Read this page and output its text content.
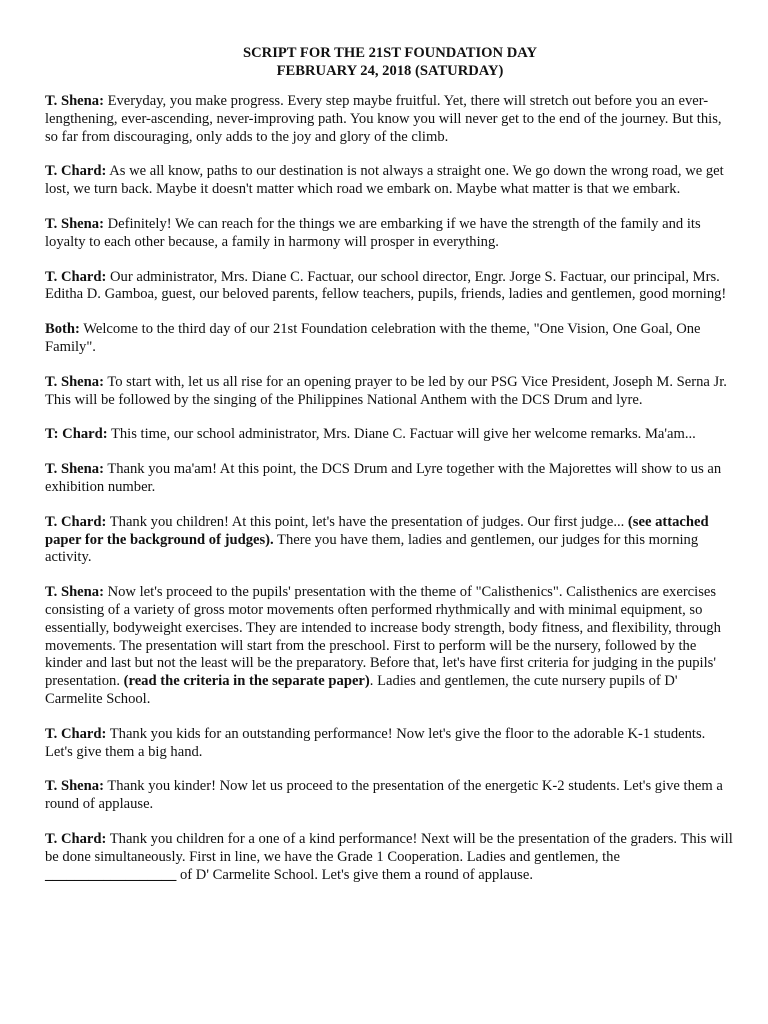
SCRIPT FOR THE 21ST FOUNDATION DAY

FEBRUARY 24, 2018 (SATURDAY)

T. Shena: Everyday, you make progress. Every step maybe fruitful. Yet, there will stretch out before you an ever-lengthening, ever-ascending, never-improving path. You know you will never get to the end of the journey. But this, so far from discouraging, only adds to the joy and glory of the climb.

T. Chard: As we all know, paths to our destination is not always a straight one. We go down the wrong road, we get lost, we turn back. Maybe it doesn't matter which road we embark on. Maybe what matter is that we embark.

T. Shena: Definitely! We can reach for the things we are embarking if we have the strength of the family and its loyalty to each other because, a family in harmony will prosper in everything.

T. Chard: Our administrator, Mrs. Diane C. Factuar, our school director, Engr. Jorge S. Factuar, our principal, Mrs. Editha D. Gamboa, guest, our beloved parents, fellow teachers, pupils, friends, ladies and gentlemen, good morning!

Both: Welcome to the third day of our 21st Foundation celebration with the theme, "One Vision, One Goal, One Family".

T. Shena: To start with, let us all rise for an opening prayer to be led by our PSG Vice President, Joseph M. Serna Jr. This will be followed by the singing of the Philippines National Anthem with the DCS Drum and lyre.

T: Chard: This time, our school administrator, Mrs. Diane C. Factuar will give her welcome remarks. Ma'am...

T. Shena: Thank you ma'am! At this point, the DCS Drum and Lyre together with the Majorettes will show to us an exhibition number.

T. Chard: Thank you children! At this point, let's have the presentation of judges. Our first judge... (see attached paper for the background of judges). There you have them, ladies and gentlemen, our judges for this morning activity.

T. Shena: Now let's proceed to the pupils' presentation with the theme of "Calisthenics". Calisthenics are exercises consisting of a variety of gross motor movements often performed rhythmically and with minimal equipment, so essentially, bodyweight exercises. They are intended to increase body strength, body fitness, and flexibility, through movements. The presentation will start from the preschool. First to perform will be the nursery, followed by the kinder and last but not the least will be the preparatory. Before that, let's have first criteria for judging in the pupils' presentation. (read the criteria in the separate paper). Ladies and gentlemen, the cute nursery pupils of D' Carmelite School.

T. Chard: Thank you kids for an outstanding performance! Now let's give the floor to the adorable K-1 students. Let's give them a big hand.

T. Shena: Thank you kinder! Now let us proceed to the presentation of the energetic K-2 students. Let's give them a round of applause.

T. Chard: Thank you children for a one of a kind performance! Next will be the presentation of the graders. This will be done simultaneously. First in line, we have the Grade 1 Cooperation. Ladies and gentlemen, the __________________ of D' Carmelite School. Let's give them a round of applause.
